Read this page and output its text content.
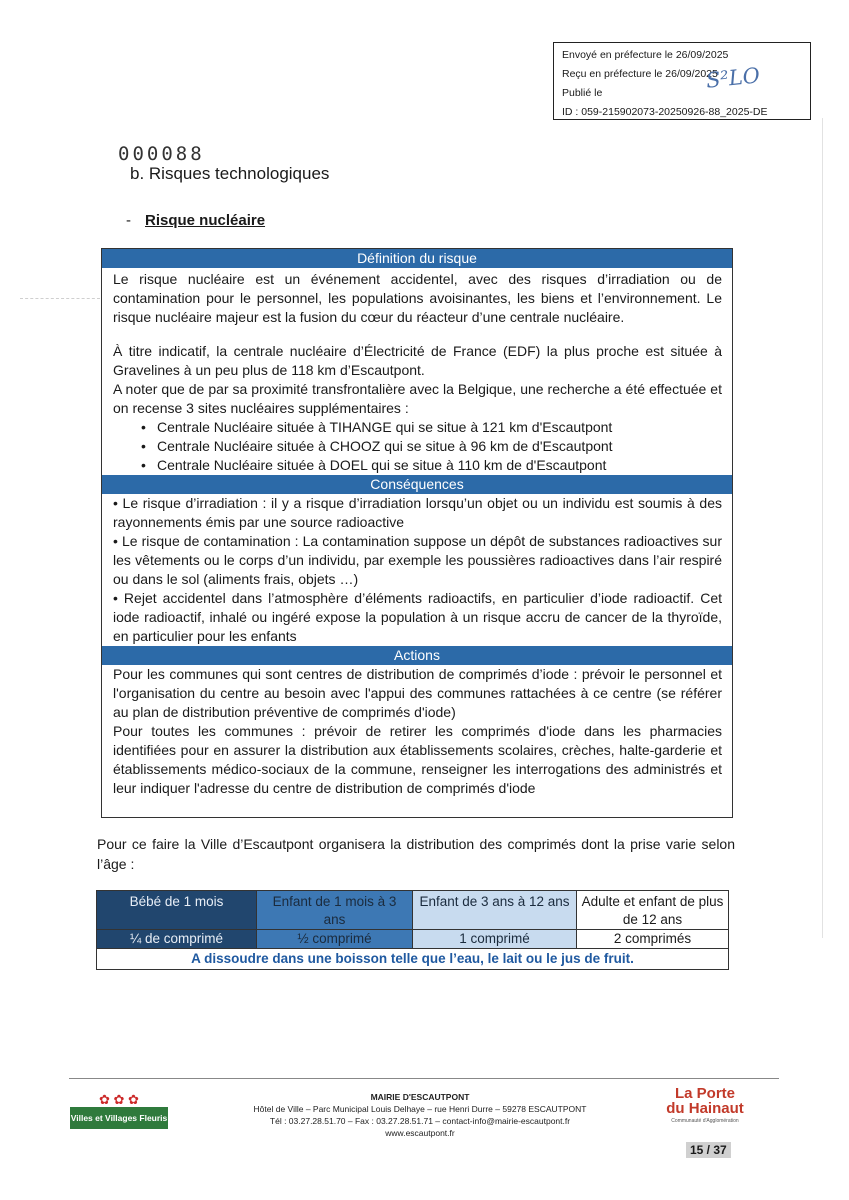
Envoyé en préfecture le 26/09/2025
Reçu en préfecture le 26/09/2025
Publié le
ID : 059-215902073-20250926-88_2025-DE
S²LO
000088
b. Risques technologiques
- Risque nucléaire
Définition du risque

Le risque nucléaire est un événement accidentel, avec des risques d’irradiation ou de contamination pour le personnel, les populations avoisinantes, les biens et l’environnement. Le risque nucléaire majeur est la fusion du cœur du réacteur d’une centrale nucléaire.

À titre indicatif, la centrale nucléaire d’Électricité de France (EDF) la plus proche est située à Gravelines à un peu plus de 118 km d’Escautpont.

A noter que de par sa proximité transfrontalière avec la Belgique, une recherche a été effectuée et on recense 3 sites nucléaires supplémentaires :

• Centrale Nucléaire située à TIHANGE qui se situe à 121 km d'Escautpont
• Centrale Nucléaire située à CHOOZ qui se situe à 96 km de d'Escautpont
• Centrale Nucléaire située à DOEL qui se situe à 110 km de d'Escautpont
Conséquences

• Le risque d’irradiation : il y a risque d’irradiation lorsqu’un objet ou un individu est soumis à des rayonnements émis par une source radioactive

• Le risque de contamination : La contamination suppose un dépôt de substances radioactives sur les vêtements ou le corps d’un individu, par exemple les poussières radioactives dans l’air respiré ou dans le sol (aliments frais, objets …)

• Rejet accidentel dans l’atmosphère d’éléments radioactifs, en particulier d’iode radioactif. Cet iode radioactif, inhalé ou ingéré expose la population à un risque accru de cancer de la thyroïde, en particulier pour les enfants

Actions

Pour les communes qui sont centres de distribution de comprimés d’iode : prévoir le personnel et l'organisation du centre au besoin avec l'appui des communes rattachées à ce centre (se référer au plan de distribution préventive de comprimés d'iode)

Pour toutes les communes : prévoir de retirer les comprimés d'iode dans les pharmacies identifiées pour en assurer la distribution aux établissements scolaires, crèches, halte-garderie et établissements médico-sociaux de la commune, renseigner les interrogations des administrés et leur indiquer l'adresse du centre de distribution de comprimés d'iode

Pour ce faire la Ville d’Escautpont organisera la distribution des comprimés dont la prise varie selon l’âge :
Bébé de 1 mois	Enfant de 1 mois à 3 ans	Enfant de 3 ans à 12 ans	Adulte et enfant de plus de 12 ans
¼ de comprimé	½ comprimé	1 comprimé	2 comprimés
A dissoudre dans une boisson telle que l’eau, le lait ou le jus de fruit.			
✿ ✿ ✿
Villes et Villages Fleuris
MAIRIE D'ESCAUTPONT
Hôtel de Ville – Parc Municipal Louis Delhaye – rue Henri Durre – 59278 ESCAUTPONT
Tél : 03.27.28.51.70 – Fax : 03.27.28.51.71 – contact-info@mairie-escautpont.fr
www.escautpont.fr
La Porte
du Hainaut
Communauté d'Agglomération
15 / 37
